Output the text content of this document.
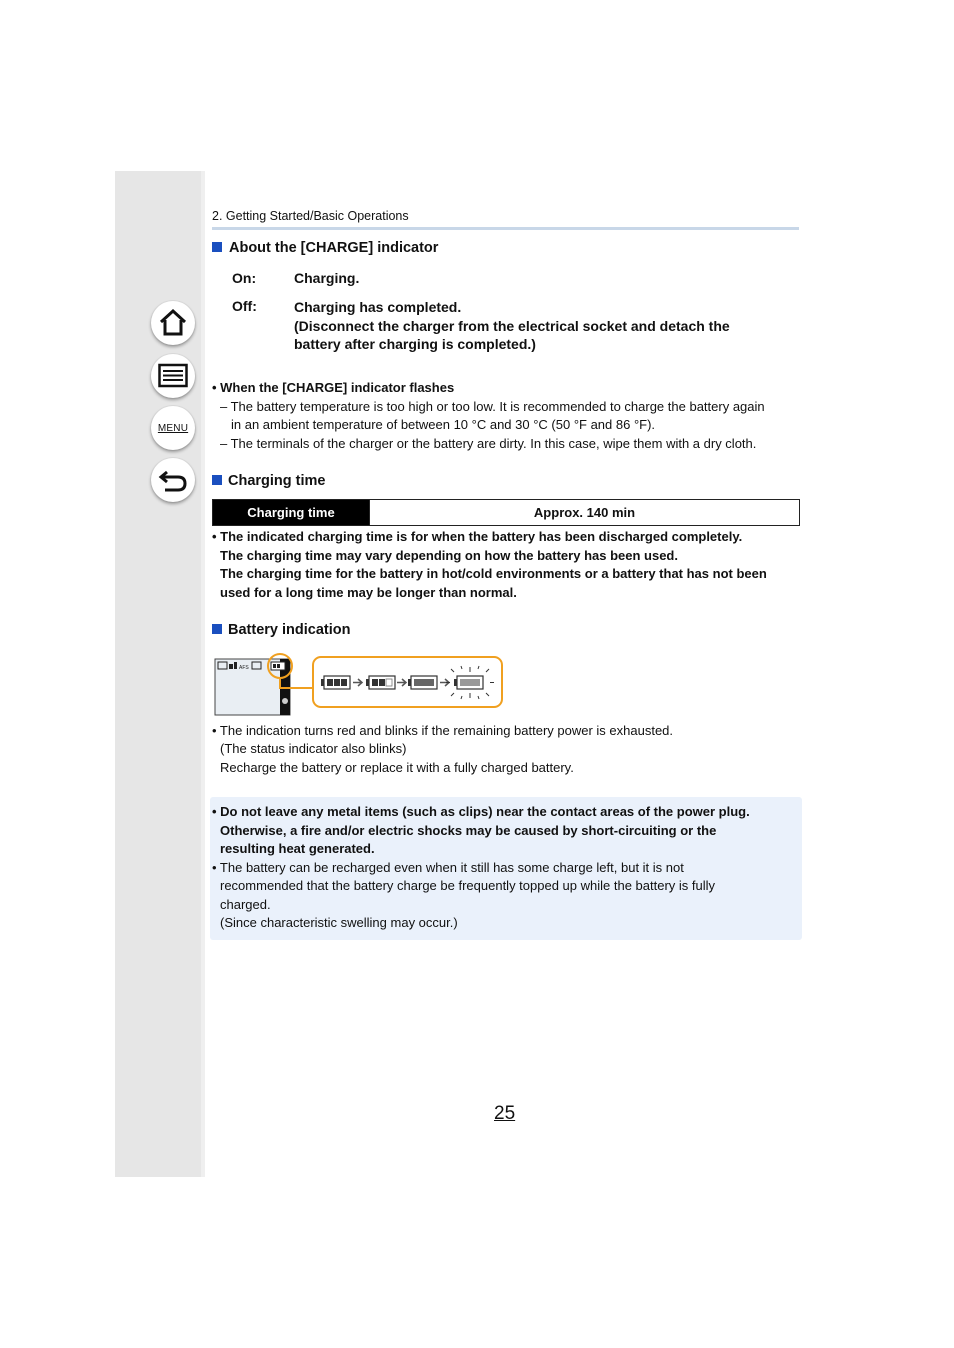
MENU
2. Getting Started/Basic Operations
About the [CHARGE] indicator
On:	Charging.
Off:	Charging has completed.
(Disconnect the charger from the electrical socket and detach the
battery after charging is completed.)
• When the [CHARGE] indicator flashes
– The battery temperature is too high or too low. It is recommended to charge the battery again
in an ambient temperature of between 10 °C and 30 °C (50 °F and 86 °F).
– The terminals of the charger or the battery are dirty. In this case, wipe them with a dry cloth.
Charging time
Charging time	Approx. 140 min
• The indicated charging time is for when the battery has been discharged completely.
The charging time may vary depending on how the battery has been used.
The charging time for the battery in hot/cold environments or a battery that has not been
used for a long time may be longer than normal.
Battery indication
AFS
• The indication turns red and blinks if the remaining battery power is exhausted.
(The status indicator also blinks)
Recharge the battery or replace it with a fully charged battery.
• Do not leave any metal items (such as clips) near the contact areas of the power plug.
Otherwise, a fire and/or electric shocks may be caused by short-circuiting or the
resulting heat generated.
• The battery can be recharged even when it still has some charge left, but it is not
recommended that the battery charge be frequently topped up while the battery is fully
charged.
(Since characteristic swelling may occur.)
25
